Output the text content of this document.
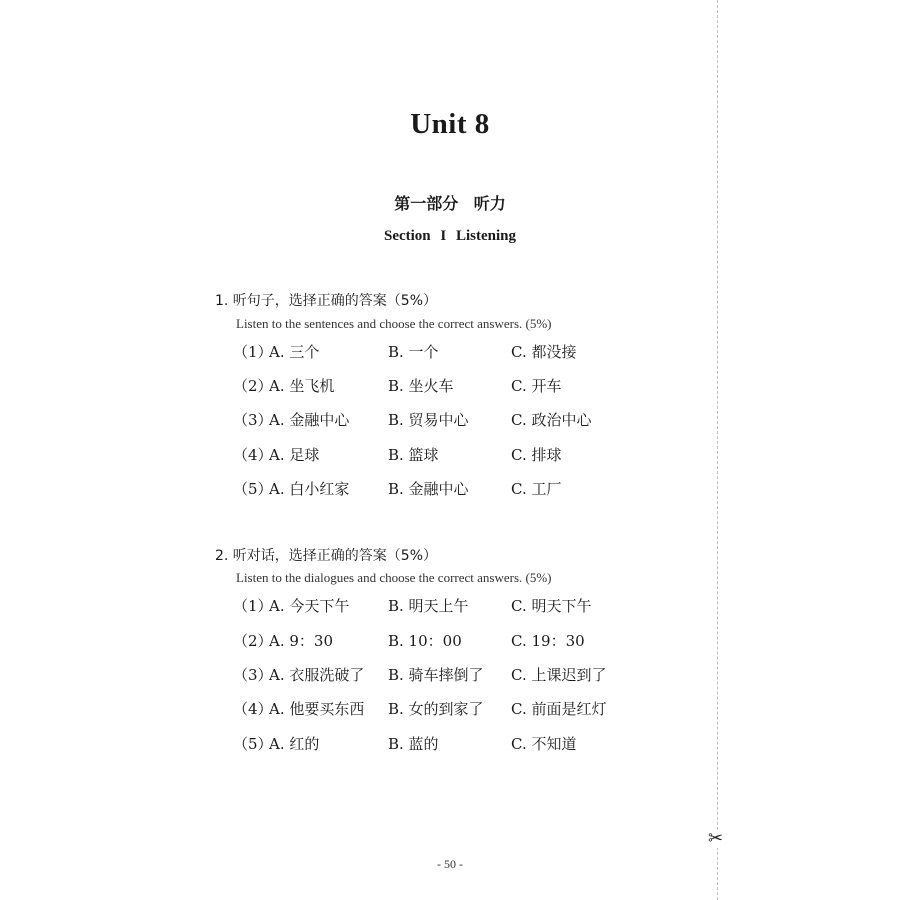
✂
Unit 8
第一部分 听力
Section I Listening
1. 听句子，选择正确的答案（5%）
Listen to the sentences and choose the correct answers. (5%)
（1）
A. 三个	B. 一个	C. 都没接
（2）
A. 坐飞机	B. 坐火车	C. 开车
（3）
A. 金融中心	B. 贸易中心	C. 政治中心
（4）
A. 足球	B. 篮球	C. 排球
（5）
A. 白小红家	B. 金融中心	C. 工厂
2. 听对话，选择正确的答案（5%）
Listen to the dialogues and choose the correct answers. (5%)
（1）
A. 今天下午	B. 明天上午	C. 明天下午
（2）
A. 9：30	B. 10：00	C. 19：30
（3）
A. 衣服洗破了 B. 骑车摔倒了 C. 上课迟到了
（4）
A. 他要买东西 B. 女的到家了 C. 前面是红灯
（5）
A. 红的	B. 蓝的	C. 不知道
- 50 -
